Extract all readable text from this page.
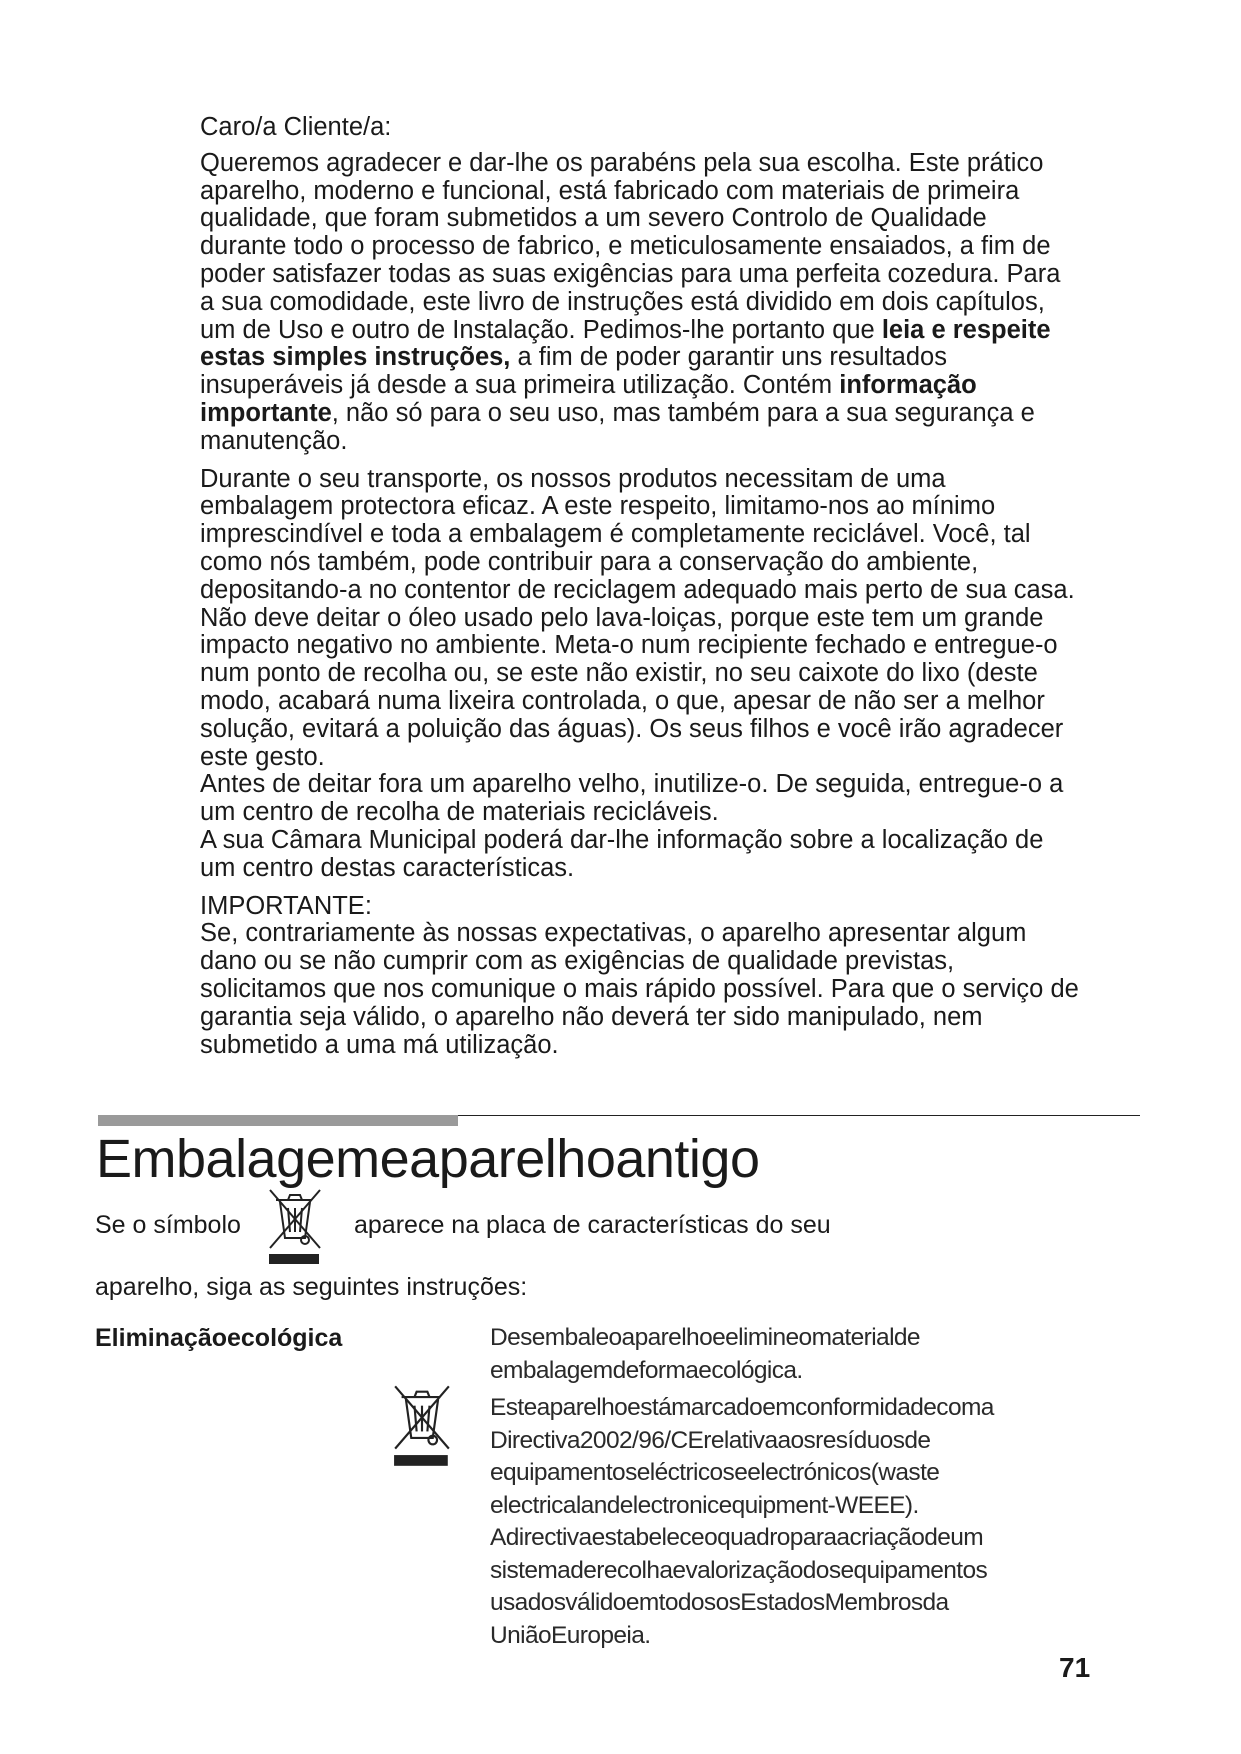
Caro/a Cliente/a:

Queremos agradecer e dar-lhe os parabéns pela sua escolha. Este prático aparelho, moderno e funcional, está fabricado com materiais de primeira qualidade, que foram submetidos a um severo Controlo de Qualidade durante todo o processo de fabrico, e meticulosamente ensaiados, a fim de poder satisfazer todas as suas exigências para uma perfeita cozedura. Para a sua comodidade, este livro de instruções está dividido em dois capítulos, um de Uso e outro de Instalação. Pedimos-lhe portanto que leia e respeite estas simples instruções, a fim de poder garantir uns resultados insuperáveis já desde a sua primeira utilização. Contém informação importante, não só para o seu uso, mas também para a sua segurança e manutenção.

Durante o seu transporte, os nossos produtos necessitam de uma embalagem protectora eficaz. A este respeito, limitamo-nos ao mínimo imprescindível e toda a embalagem é completamente reciclável. Você, tal como nós também, pode contribuir para a conservação do ambiente, depositando-a no contentor de reciclagem adequado mais perto de sua casa.

Não deve deitar o óleo usado pelo lava-loiças, porque este tem um grande impacto negativo no ambiente. Meta-o num recipiente fechado e entregue-o num ponto de recolha ou, se este não existir, no seu caixote do lixo (deste modo, acabará numa lixeira controlada, o que, apesar de não ser a melhor solução, evitará a poluição das águas). Os seus filhos e você irão agradecer este gesto.

Antes de deitar fora um aparelho velho, inutilize-o. De seguida, entregue-o a um centro de recolha de materiais recicláveis.

A sua Câmara Municipal poderá dar-lhe informação sobre a localização de um centro destas características.

IMPORTANTE:

Se, contrariamente às nossas expectativas, o aparelho apresentar algum dano ou se não cumprir com as exigências de qualidade previstas, solicitamos que nos comunique o mais rápido possível. Para que o serviço de garantia seja válido, o aparelho não deverá ter sido manipulado, nem submetido a uma má utilização.

Embalagemeaparelhoantigo
Se o símbolo	aparece na placa de características do seu
aparelho, siga as seguintes instruções:
Eliminaçãoecológica	Desembaleoaparelhoeelimineomaterialde embalagemdeformaecológica.

Esteaparelhoestámarcadoemconformidadecoma Directiva2002/96/CErelativaaosresíduosde equipamentoseléctricoseelectrónicos(waste electricalandelectronicequipment-WEEE). Adirectivaestabeleceoquadroparaacriaçãodeum sistemaderecolhaevalorizaçãodosequipamentos usadosválidoemtodososEstadosMembrosda UniãoEuropeia.

71
